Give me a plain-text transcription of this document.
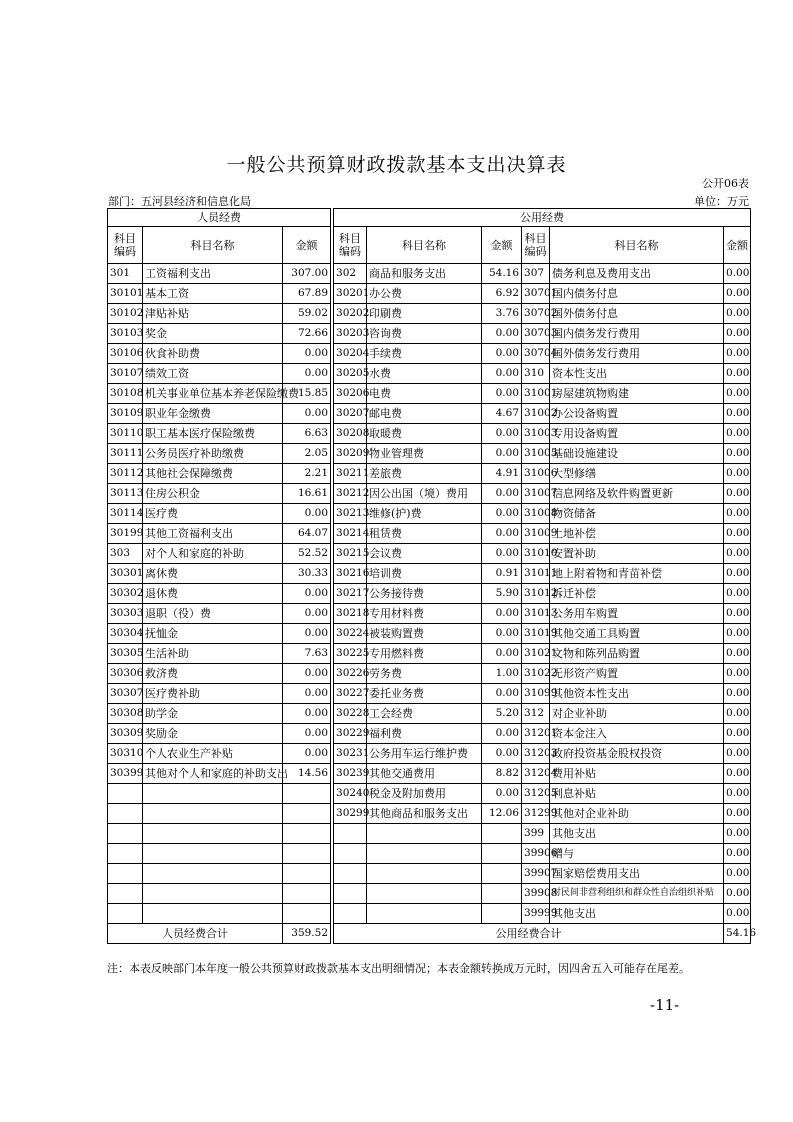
一般公共预算财政拨款基本支出决算表
公开06表
部门：五河县经济和信息化局	单位：万元
人员经费				公用经费					
科目编码	科目名称	金额		科目编码	科目名称	金额	科目编码	科目名称	金额
301	工资福利支出	307.00		302	商品和服务支出	54.16	307	债务利息及费用支出	0.00
30101	基本工资	67.89		30201	办公费	6.92	30701	国内债务付息	0.00
30102	津贴补贴	59.02		30202	印刷费	3.76	30702	国外债务付息	0.00
30103	奖金	72.66		30203	咨询费	0.00	30703	国内债务发行费用	0.00
30106	伙食补助费	0.00		30204	手续费	0.00	30704	国外债务发行费用	0.00
30107	绩效工资	0.00		30205	水费	0.00	310	资本性支出	0.00
30108	机关事业单位基本养老保险缴费	15.85		30206	电费	0.00	31001	房屋建筑物购建	0.00
30109	职业年金缴费	0.00		30207	邮电费	4.67	31002	办公设备购置	0.00
30110	职工基本医疗保险缴费	6.63		30208	取暖费	0.00	31003	专用设备购置	0.00
30111	公务员医疗补助缴费	2.05		30209	物业管理费	0.00	31005	基础设施建设	0.00
30112	其他社会保障缴费	2.21		30211	差旅费	4.91	31006	大型修缮	0.00
30113	住房公积金	16.61		30212	因公出国（境）费用	0.00	31007	信息网络及软件购置更新	0.00
30114	医疗费	0.00		30213	维修(护)费	0.00	31008	物资储备	0.00
30199	其他工资福利支出	64.07		30214	租赁费	0.00	31009	土地补偿	0.00
303	对个人和家庭的补助	52.52		30215	会议费	0.00	31010	安置补助	0.00
30301	离休费	30.33		30216	培训费	0.91	31011	地上附着物和青苗补偿	0.00
30302	退休费	0.00		30217	公务接待费	5.90	31012	拆迁补偿	0.00
30303	退职（役）费	0.00		30218	专用材料费	0.00	31013	公务用车购置	0.00
30304	抚恤金	0.00		30224	被装购置费	0.00	31019	其他交通工具购置	0.00
30305	生活补助	7.63		30225	专用燃料费	0.00	31021	文物和陈列品购置	0.00
30306	救济费	0.00		30226	劳务费	1.00	31022	无形资产购置	0.00
30307	医疗费补助	0.00		30227	委托业务费	0.00	31099	其他资本性支出	0.00
30308	助学金	0.00		30228	工会经费	5.20	312	对企业补助	0.00
30309	奖励金	0.00		30229	福利费	0.00	31201	资本金注入	0.00
30310	个人农业生产补贴	0.00		30231	公务用车运行维护费	0.00	31203	政府投资基金股权投资	0.00
30399	其他对个人和家庭的补助支出	14.56		30239	其他交通费用	8.82	31204	费用补贴	0.00
				30240	税金及附加费用	0.00	31205	利息补贴	0.00
				30299	其他商品和服务支出	12.06	31299	其他对企业补助	0.00
							399	其他支出	0.00
							39906	赠与	0.00
							39907	国家赔偿费用支出	0.00
							39908	对民间非营利组织和群众性自治组织补贴	0.00
							39999	其他支出	0.00
人员经费合计		359.52		公用经费合计					54.16
注：本表反映部门本年度一般公共预算财政拨款基本支出明细情况；本表金额转换成万元时，因四舍五入可能存在尾差。
-11-
